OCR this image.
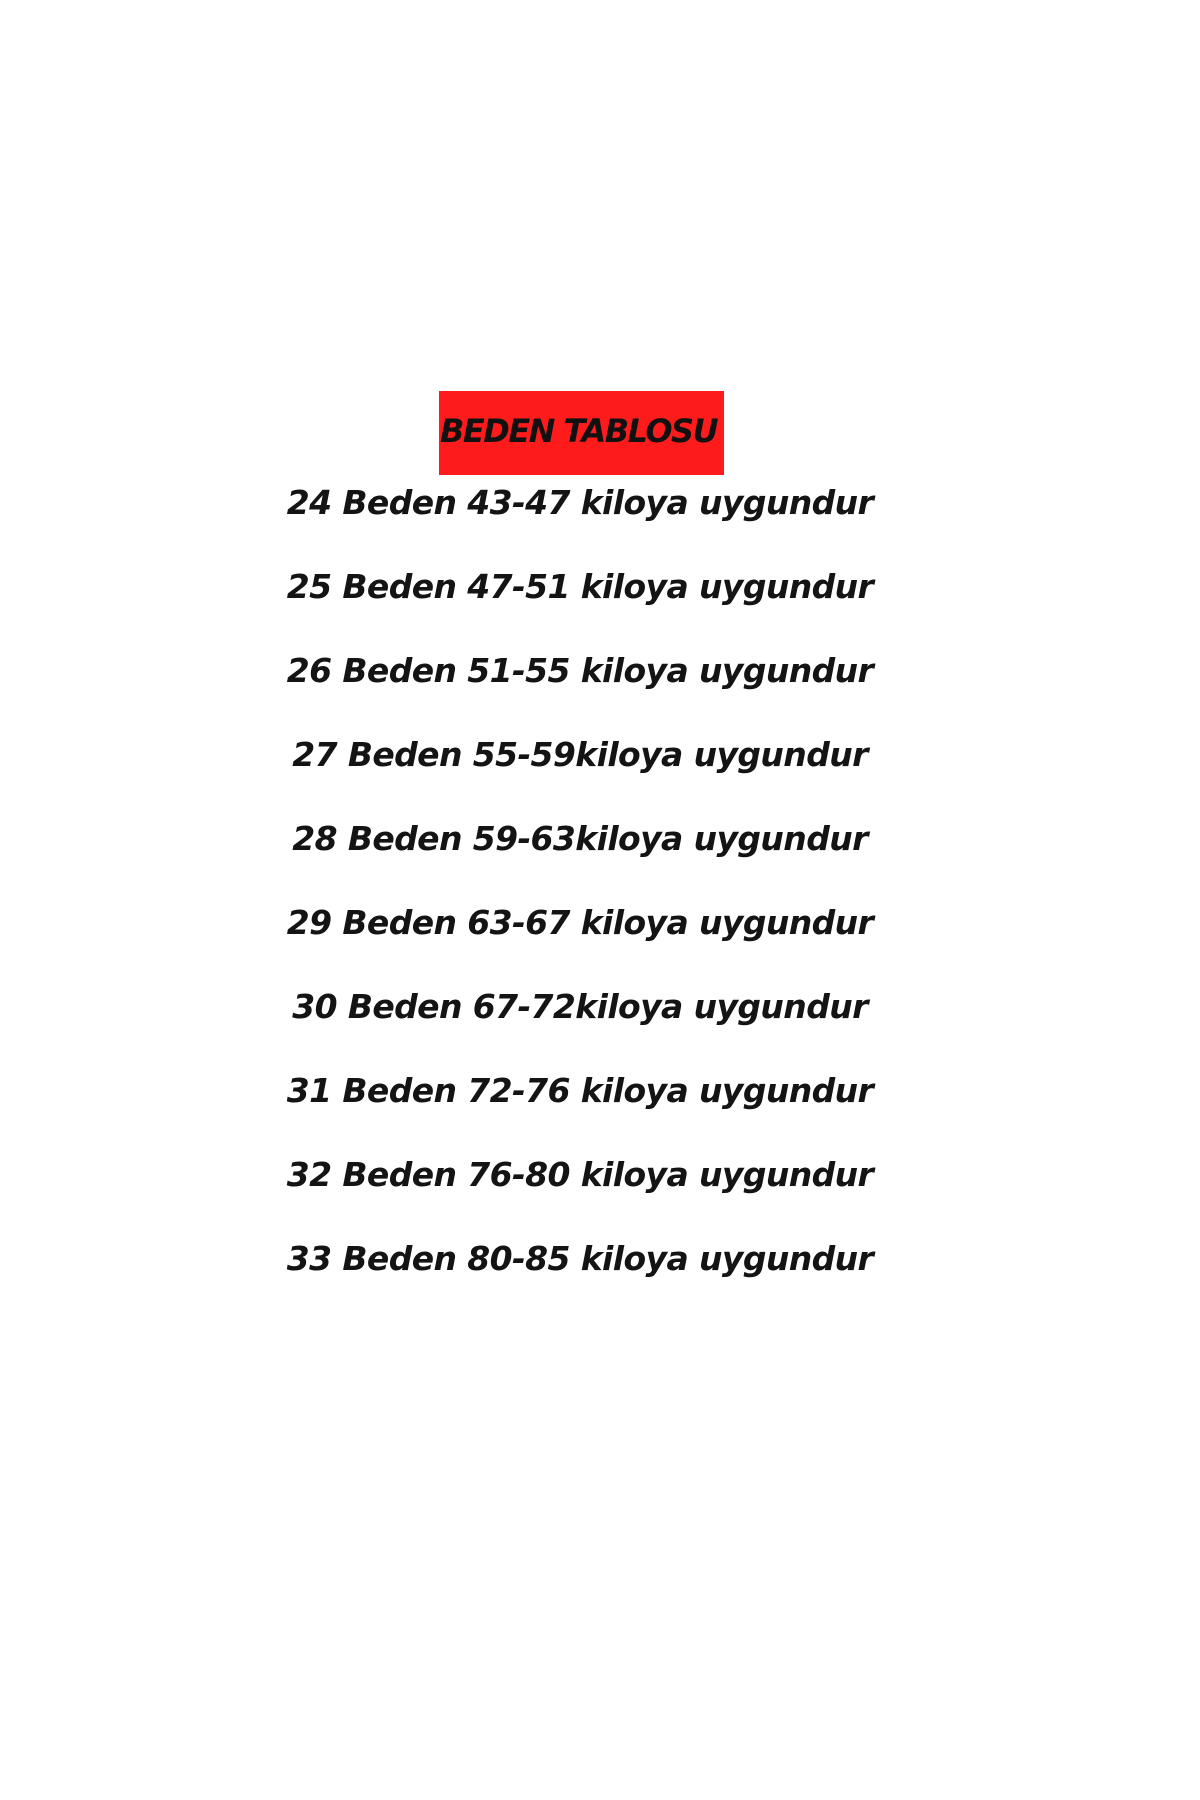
BEDEN TABLOSU
24 Beden 43-47 kiloya uygundur
25 Beden 47-51 kiloya uygundur
26 Beden 51-55 kiloya uygundur
27 Beden 55-59kiloya uygundur
28 Beden 59-63kiloya uygundur
29 Beden 63-67 kiloya uygundur
30 Beden 67-72kiloya uygundur
31 Beden 72-76 kiloya uygundur
32 Beden 76-80 kiloya uygundur
33 Beden 80-85 kiloya uygundur
